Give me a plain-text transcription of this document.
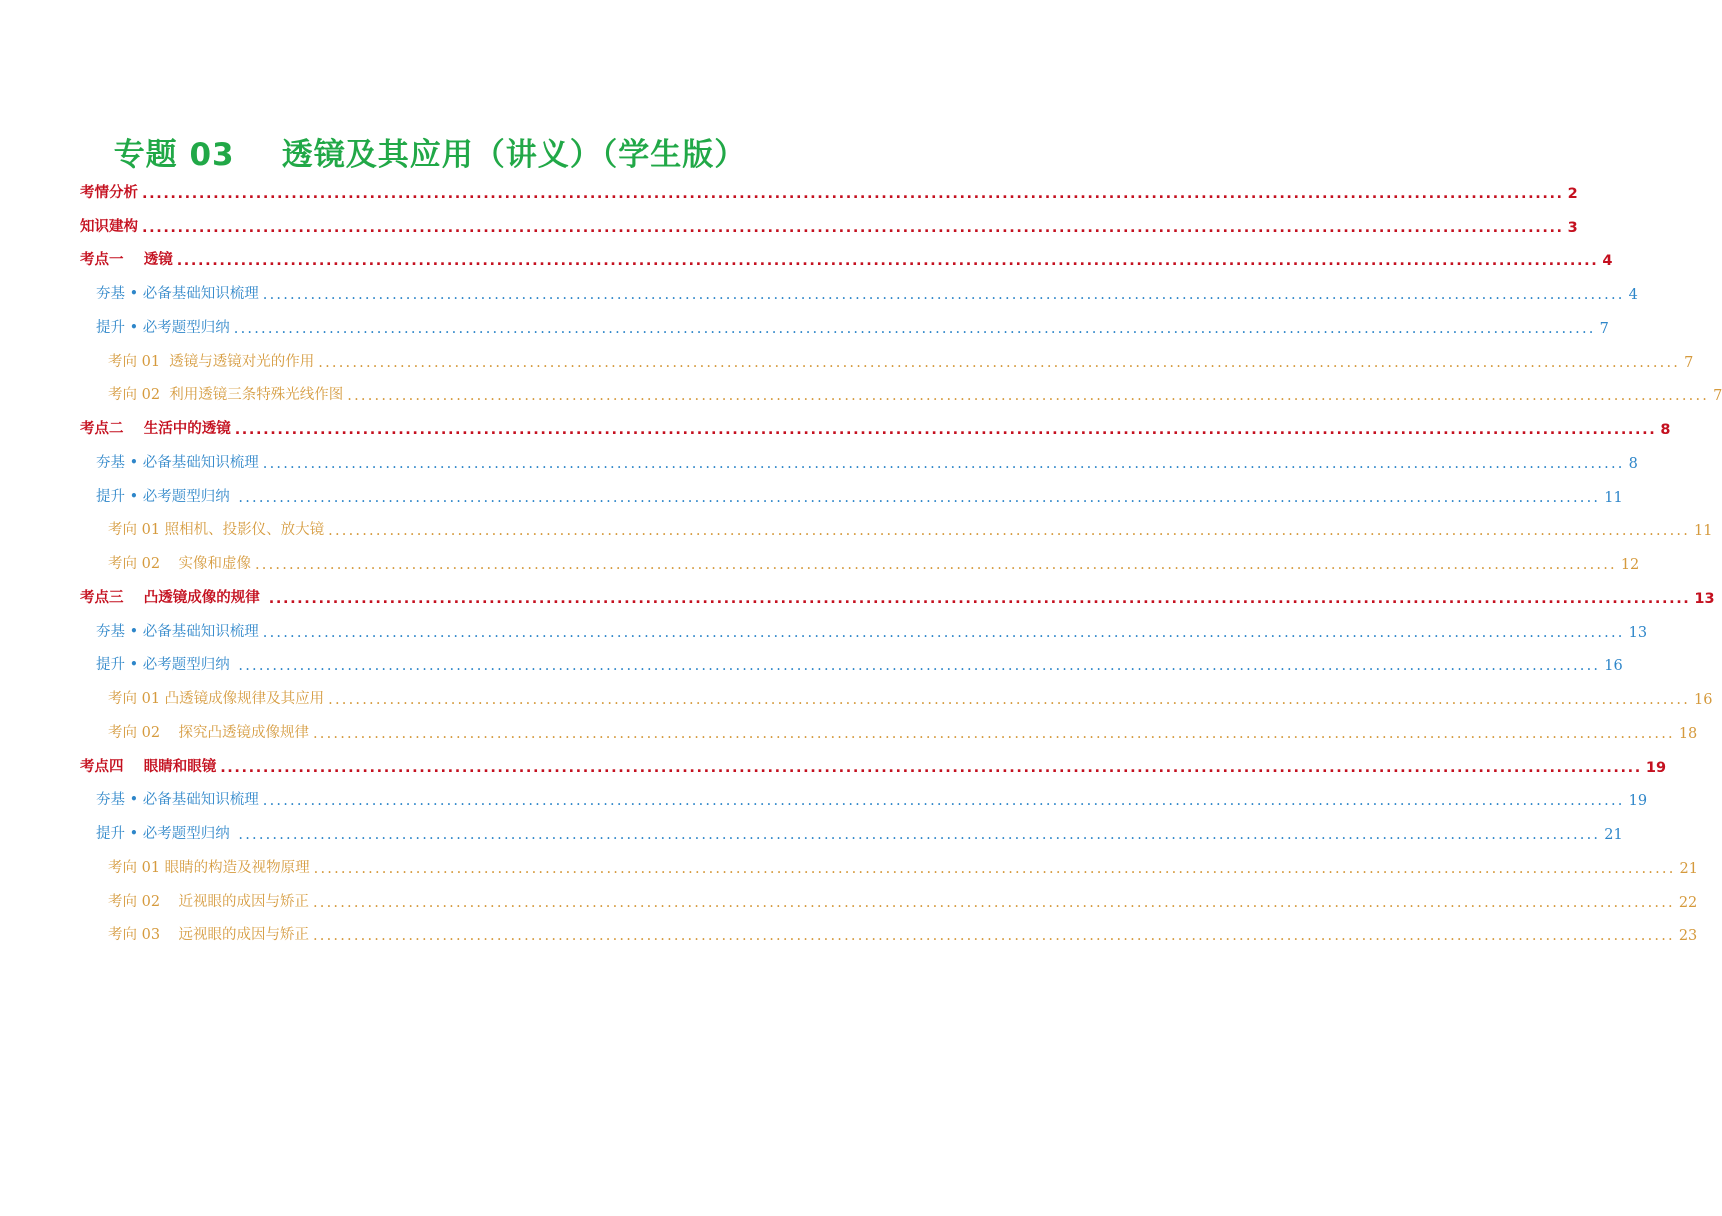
专题 03    透镜及其应用（讲义）（学生版）
考情分析 ........................................................................................................................................................................................................ 2
知识建构 ........................................................................................................................................................................................................ 3
考点一    透镜 ........................................................................................................................................................................................................ 4
夯基 • 必备基础知识梳理 ........................................................................................................................................................................................................ 4
提升 • 必考题型归纳 ........................................................................................................................................................................................................ 7
考向 01  透镜与透镜对光的作用 ........................................................................................................................................................................................................ 7
考向 02  利用透镜三条特殊光线作图 ........................................................................................................................................................................................................ 7
考点二    生活中的透镜 ........................................................................................................................................................................................................ 8
夯基 • 必备基础知识梳理 ........................................................................................................................................................................................................ 8
提升 • 必考题型归纳 ........................................................................................................................................................................................................ 11
考向 01 照相机、投影仪、放大镜 ........................................................................................................................................................................................................ 11
考向 02    实像和虚像 ........................................................................................................................................................................................................ 12
考点三    凸透镜成像的规律 ........................................................................................................................................................................................................ 13
夯基 • 必备基础知识梳理 ........................................................................................................................................................................................................ 13
提升 • 必考题型归纳 ........................................................................................................................................................................................................ 16
考向 01 凸透镜成像规律及其应用 ........................................................................................................................................................................................................ 16
考向 02    探究凸透镜成像规律 ........................................................................................................................................................................................................ 18
考点四    眼睛和眼镜 ........................................................................................................................................................................................................ 19
夯基 • 必备基础知识梳理 ........................................................................................................................................................................................................ 19
提升 • 必考题型归纳 ........................................................................................................................................................................................................ 21
考向 01 眼睛的构造及视物原理 ........................................................................................................................................................................................................ 21
考向 02    近视眼的成因与矫正 ........................................................................................................................................................................................................ 22
考向 03    远视眼的成因与矫正 ........................................................................................................................................................................................................ 23
